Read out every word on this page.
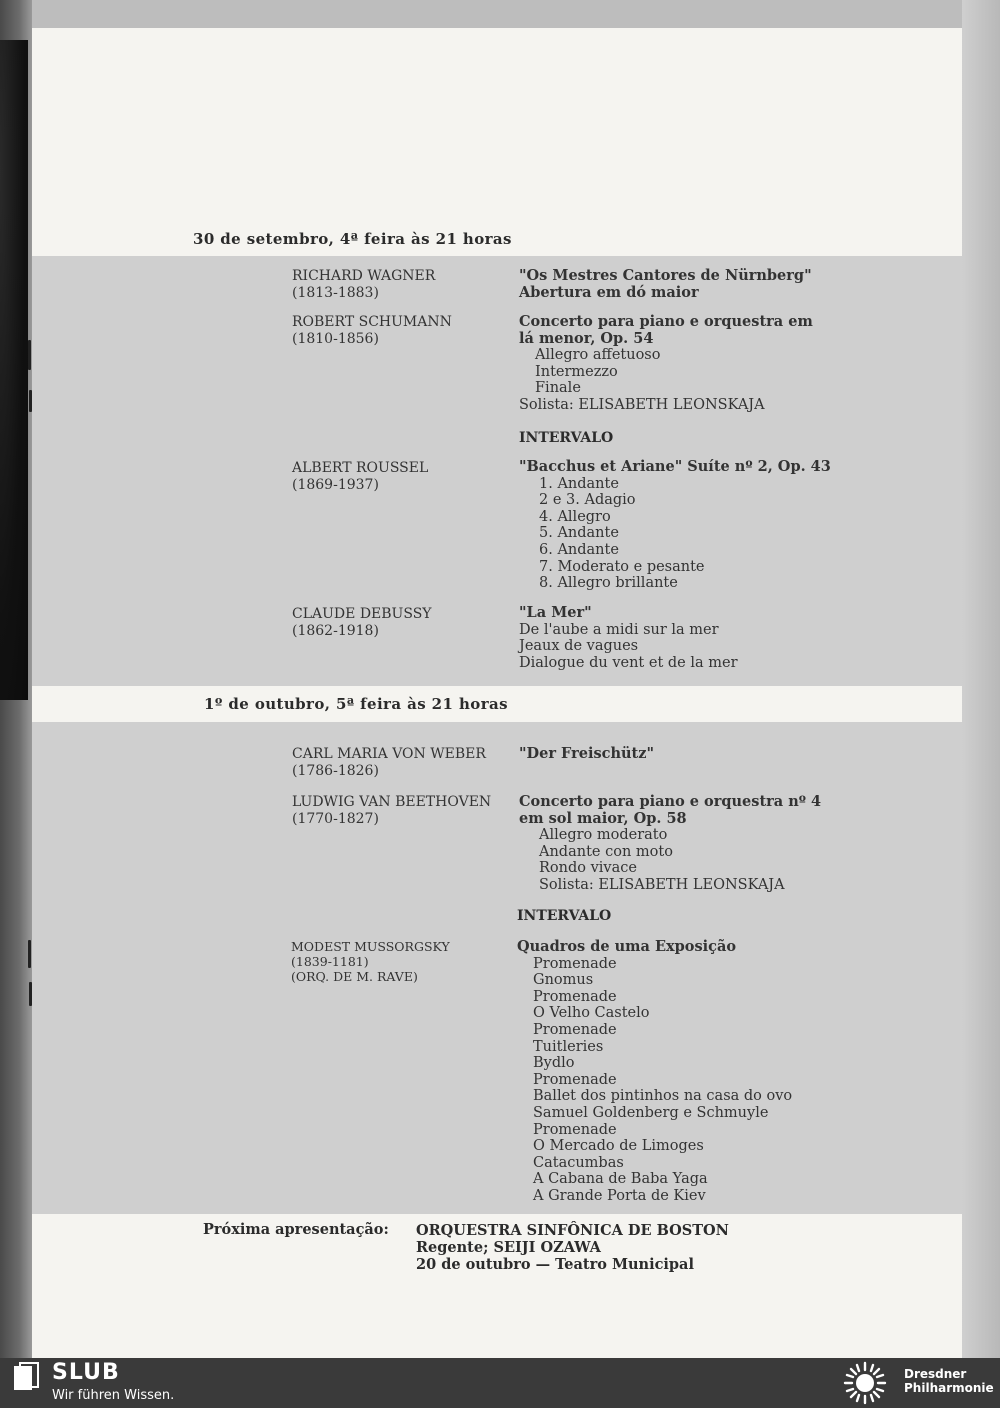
30 de setembro, 4ª feira às 21 horas
RICHARD WAGNER
(1813-1883)
"Os Mestres Cantores de Nürnberg"
Abertura em dó maior
ROBERT SCHUMANN
(1810-1856)
Concerto para piano e orquestra em
lá menor, Op. 54
Allegro affetuoso
Intermezzo
Finale
Solista: ELISABETH LEONSKAJA
INTERVALO
ALBERT ROUSSEL
(1869-1937)
"Bacchus et Ariane" Suíte nº 2, Op. 43
1. Andante
2 e 3. Adagio
4. Allegro
5. Andante
6. Andante
7. Moderato e pesante
8. Allegro brillante
CLAUDE DEBUSSY
(1862-1918)
"La Mer"
De l'aube a midi sur la mer
Jeaux de vagues
Dialogue du vent et de la mer
1º de outubro, 5ª feira às 21 horas
CARL MARIA VON WEBER
(1786-1826)
"Der Freischütz"
LUDWIG VAN BEETHOVEN
(1770-1827)
Concerto para piano e orquestra nº 4
em sol maior, Op. 58
Allegro moderato
Andante con moto
Rondo vivace
Solista: ELISABETH LEONSKAJA
INTERVALO
MODEST MUSSORGSKY
(1839-1181)
(ORQ. DE M. RAVE)
Quadros de uma Exposição
Promenade
Gnomus
Promenade
O Velho Castelo
Promenade
Tuitleries
Bydlo
Promenade
Ballet dos pintinhos na casa do ovo
Samuel Goldenberg e Schmuyle
Promenade
O Mercado de Limoges
Catacumbas
A Cabana de Baba Yaga
A Grande Porta de Kiev
Próxima apresentação: ORQUESTRA SINFÔNICA DE BOSTON
Regente; SEIJI OZAWA
20 de outubro — Teatro Municipal
SLUB
Wir führen Wissen.
Dresdner
Philharmonie
